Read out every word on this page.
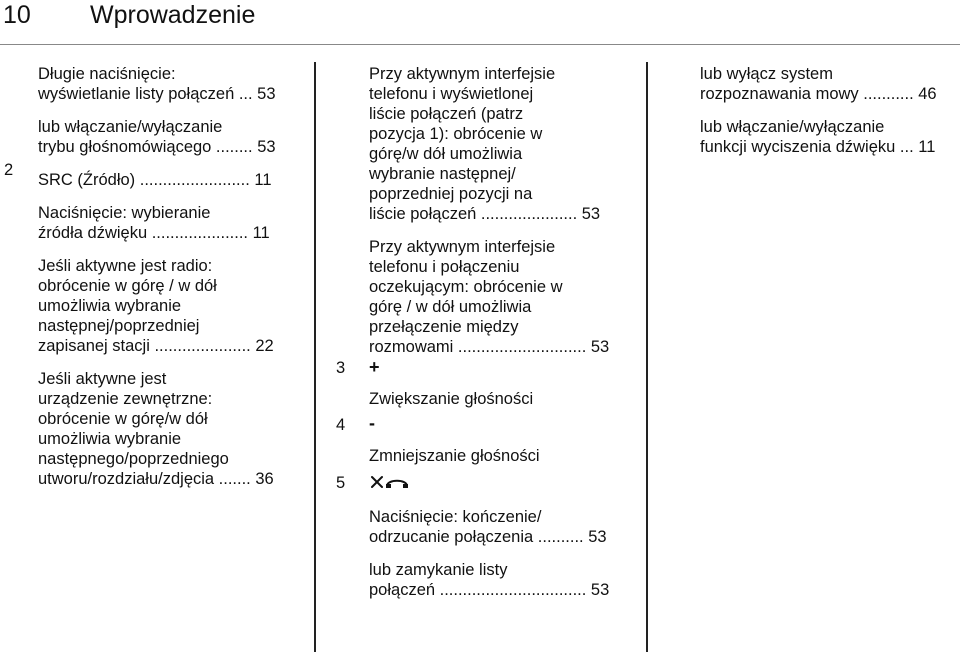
10 Wprowadzenie

Długie naciśnięcie:
wyświetlanie listy połączeń ... 53

lub włączanie/wyłączanie
trybu głośnomówiącego ........ 53

SRC (Źródło) ........................ 11

Naciśnięcie: wybieranie
źródła dźwięku ..................... 11

Jeśli aktywne jest radio:
obrócenie w górę / w dół
umożliwia wybranie
następnej/poprzedniej
zapisanej stacji ..................... 22

Jeśli aktywne jest
urządzenie zewnętrzne:
obrócenie w górę/w dół
umożliwia wybranie
następnego/poprzedniego
utworu/rozdziału/zdjęcia ....... 36

2

Przy aktywnym interfejsie
telefonu i wyświetlonej
liście połączeń (patrz
pozycja 1): obrócenie w
górę/w dół umożliwia
wybranie następnej/
poprzedniej pozycji na
liście połączeń ..................... 53

Przy aktywnym interfejsie
telefonu i połączeniu
oczekującym: obrócenie w
górę / w dół umożliwia
przełączenie między
rozmowami ............................ 53

3 +
Zwiększanie głośności
4 -
Zmniejszanie głośności
5

Naciśnięcie: kończenie/
odrzucanie połączenia .......... 53

lub zamykanie listy
połączeń ................................ 53

lub wyłącz system
rozpoznawania mowy ........... 46

lub włączanie/wyłączanie
funkcji wyciszenia dźwięku ... 11
